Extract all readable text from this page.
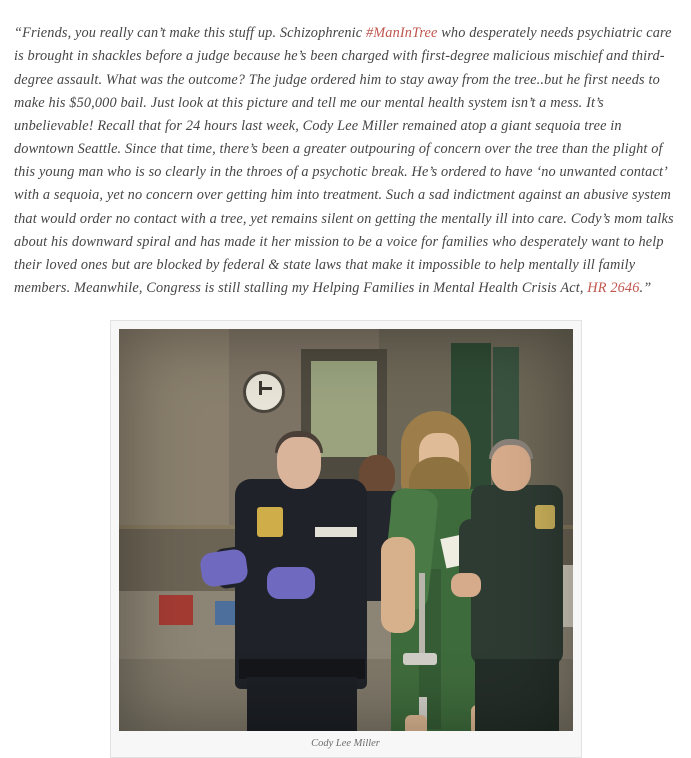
“Friends, you really can’t make this stuff up. Schizophrenic #ManInTree who desperately needs psychiatric care is brought in shackles before a judge because he’s been charged with first-degree malicious mischief and third-degree assault. What was the outcome? The judge ordered him to stay away from the tree..but he first needs to make his $50,000 bail. Just look at this picture and tell me our mental health system isn’t a mess. It’s unbelievable! Recall that for 24 hours last week, Cody Lee Miller remained atop a giant sequoia tree in downtown Seattle. Since that time, there’s been a greater outpouring of concern over the tree than the plight of this young man who is so clearly in the throes of a psychotic break. He’s ordered to have ‘no unwanted contact’ with a sequoia, yet no concern over getting him into treatment. Such a sad indictment against an abusive system that would order no contact with a tree, yet remains silent on getting the mentally ill into care. Cody’s mom talks about his downward spiral and has made it her mission to be a voice for families who desperately want to help their loved ones but are blocked by federal & state laws that make it impossible to help mentally ill family members. Meanwhile, Congress is still stalling my Helping Families in Mental Health Crisis Act, HR 2646.”

Cody Lee Miller
